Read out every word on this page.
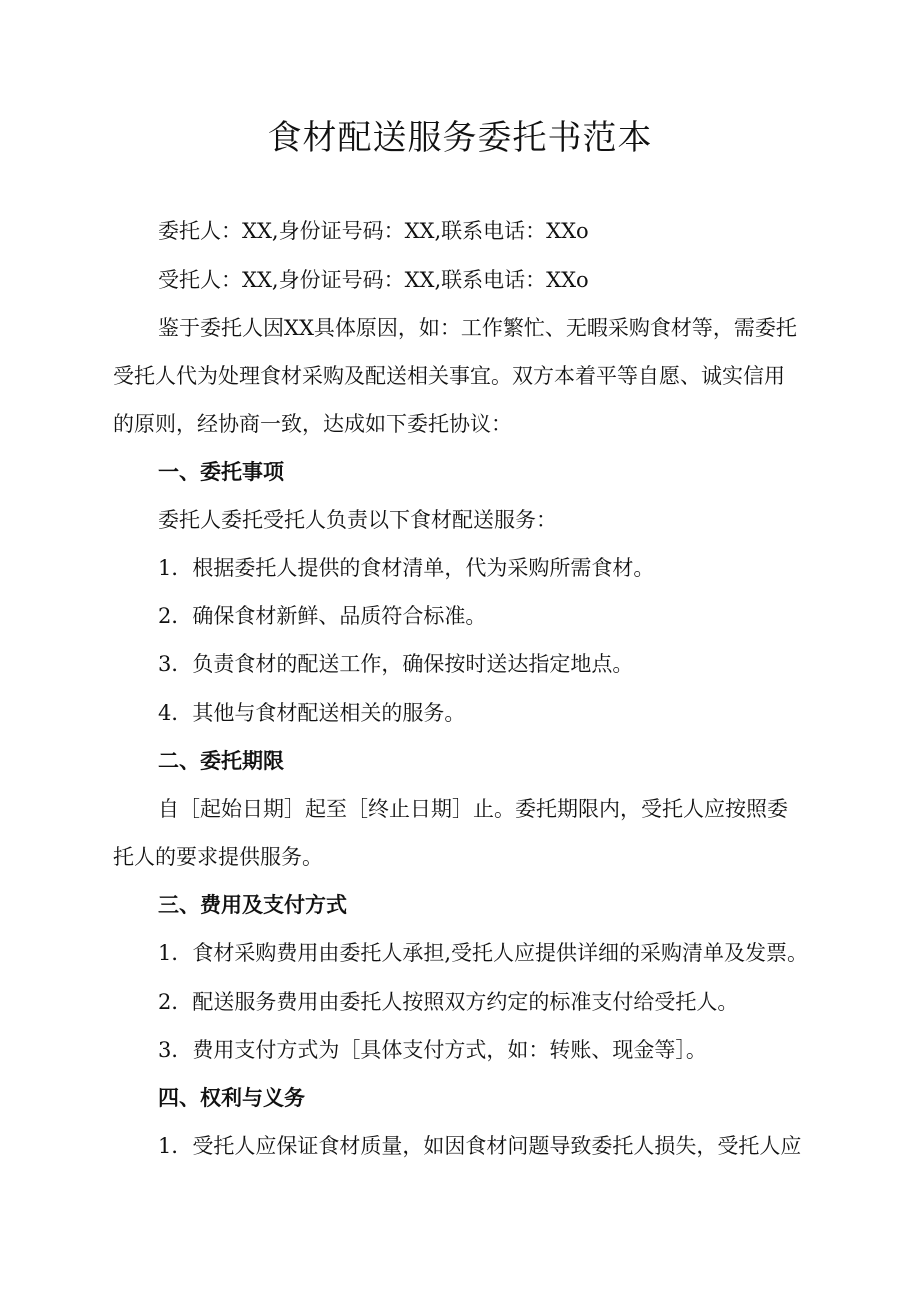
食材配送服务委托书范本
委托人：XX,身份证号码：XX,联系电话：XXo
受托人：XX,身份证号码：XX,联系电话：XXo
鉴于委托人因XX具体原因，如：工作繁忙、无暇采购食材等，需委托
受托人代为处理食材采购及配送相关事宜。双方本着平等自愿、诚实信用
的原则，经协商一致，达成如下委托协议：
一、委托事项
委托人委托受托人负责以下食材配送服务：
1．根据委托人提供的食材清单，代为采购所需食材。
2．确保食材新鲜、品质符合标准。
3．负责食材的配送工作，确保按时送达指定地点。
4．其他与食材配送相关的服务。
二、委托期限
自［起始日期］起至［终止日期］止。委托期限内，受托人应按照委
托人的要求提供服务。
三、费用及支付方式
1．食材采购费用由委托人承担,受托人应提供详细的采购清单及发票。
2．配送服务费用由委托人按照双方约定的标准支付给受托人。
3．费用支付方式为［具体支付方式，如：转账、现金等］。
四、权利与义务
1．受托人应保证食材质量，如因食材问题导致委托人损失，受托人应
